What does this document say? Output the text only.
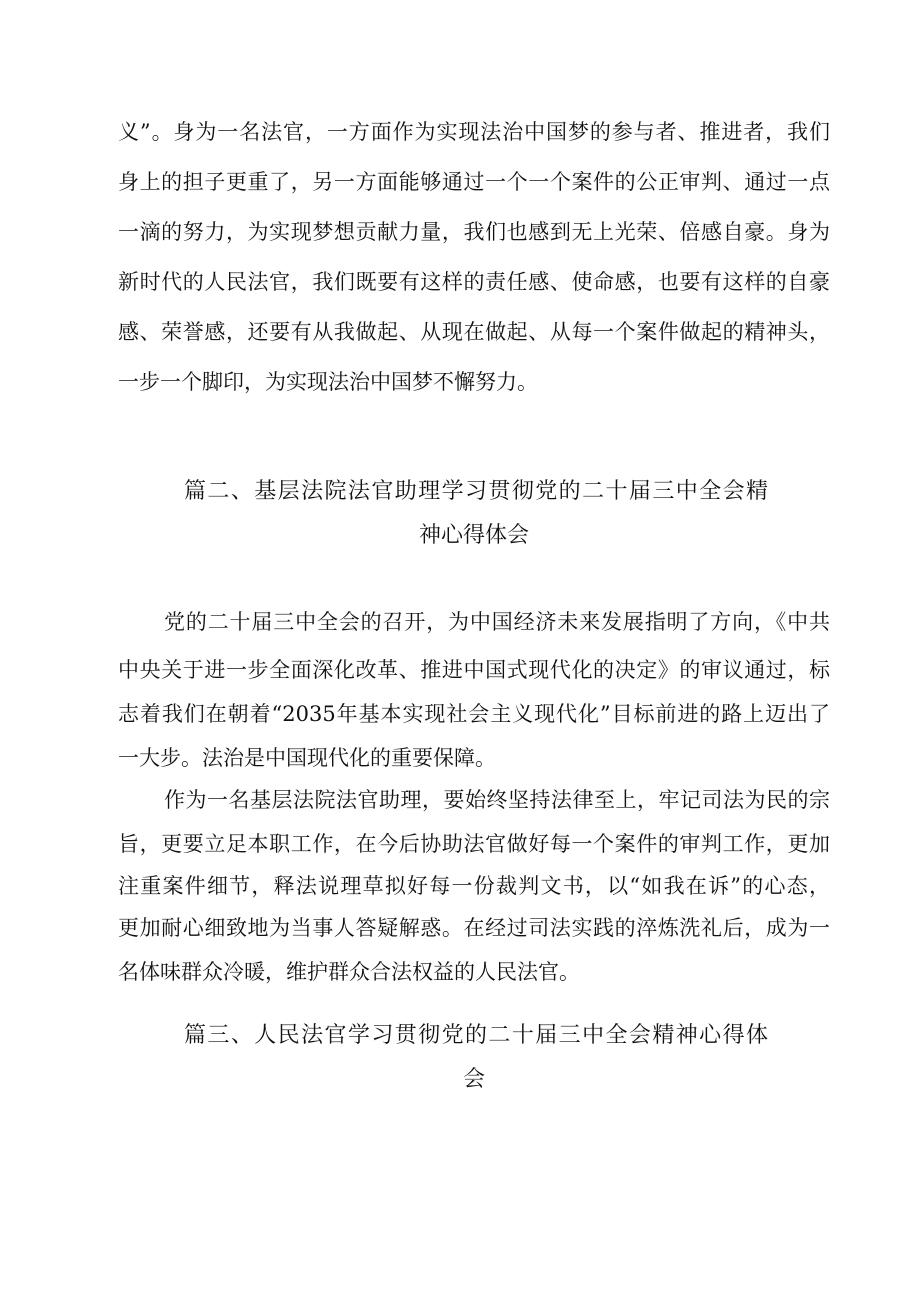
义”。身为一名法官，一方面作为实现法治中国梦的参与者、推进者，我们
身上的担子更重了，另一方面能够通过一个一个案件的公正审判、通过一点
一滴的努力，为实现梦想贡献力量，我们也感到无上光荣、倍感自豪。身为
新时代的人民法官，我们既要有这样的责任感、使命感，也要有这样的自豪
感、荣誉感，还要有从我做起、从现在做起、从每一个案件做起的精神头，
一步一个脚印，为实现法治中国梦不懈努力。
篇二、基层法院法官助理学习贯彻党的二十届三中全会精
神心得体会
党的二十届三中全会的召开，为中国经济未来发展指明了方向，《中共
中央关于进一步全面深化改革、推进中国式现代化的决定》的审议通过，标
志着我们在朝着“2035年基本实现社会主义现代化”目标前进的路上迈出了
一大步。法治是中国现代化的重要保障。
作为一名基层法院法官助理，要始终坚持法律至上，牢记司法为民的宗
旨，更要立足本职工作，在今后协助法官做好每一个案件的审判工作，更加
注重案件细节，释法说理草拟好每一份裁判文书，以“如我在诉”的心态，
更加耐心细致地为当事人答疑解惑。在经过司法实践的淬炼洗礼后，成为一
名体味群众冷暖，维护群众合法权益的人民法官。
篇三、人民法官学习贯彻党的二十届三中全会精神心得体
会
